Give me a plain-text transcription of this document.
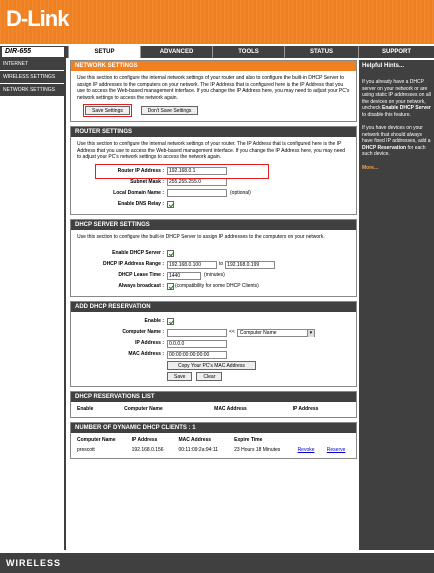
D-Link
DIR-655	SETUP	ADVANCED	TOOLS	STATUS	SUPPORT
INTERNET
WIRELESS SETTINGS
NETWORK SETTINGS
NETWORK SETTINGS
Use this section to configure the internal network settings of your router and also to configure the built-in DHCP Server to assign IP addresses to the computers on your network. The IP Address that is configured here is the IP Address that you use to access the Web-based management interface. If you change the IP Address here, you may need to adjust your PC's network settings to access the network again.
Save Settings	Don't Save Settings
ROUTER SETTINGS
Use this section to configure the internal network settings of your router. The IP Address that is configured here is the IP Address that you use to access the Web-based management interface. If you change the IP Address here, you may need to adjust your PC's network settings to access the network again.
Router IP Address :	192.168.0.1
Subnet Mask :	255.255.255.0
Local Domain Name :	(optional)
Enable DNS Relay :
DHCP SERVER SETTINGS
Use this section to configure the built-in DHCP Server to assign IP addresses to the computers on your network.
Enable DHCP Server :
DHCP IP Address Range :	192.168.0.100	to 192.168.0.199
DHCP Lease Time :	1440	(minutes)
Always broadcast :	(compatibility for some DHCP Clients)
ADD DHCP RESERVATION
Enable :
Computer Name :	<<	Computer Name	▾
IP Address :	0.0.0.0
MAC Address :	00:00:00:00:00:00
Copy Your PC's MAC Address
Save	Clear
DHCP RESERVATIONS LIST
Enable	Computer Name	MAC Address	IP Address
NUMBER OF DYNAMIC DHCP CLIENTS : 1
Computer Name	IP Address	MAC Address	Expire Time		
prescott	192.168.0.156	00:11:09:2a:94:11	23 Hours 18 Minutes	Revoke	Reserve
Helpful Hints...

If you already have a DHCP server on your network or are using static IP addresses on all the devices on your network, uncheck Enable DHCP Server to disable this feature.

If you have devices on your network that should always have fixed IP addresses, add a DHCP Reservation for each such device.

More...
WIRELESS
